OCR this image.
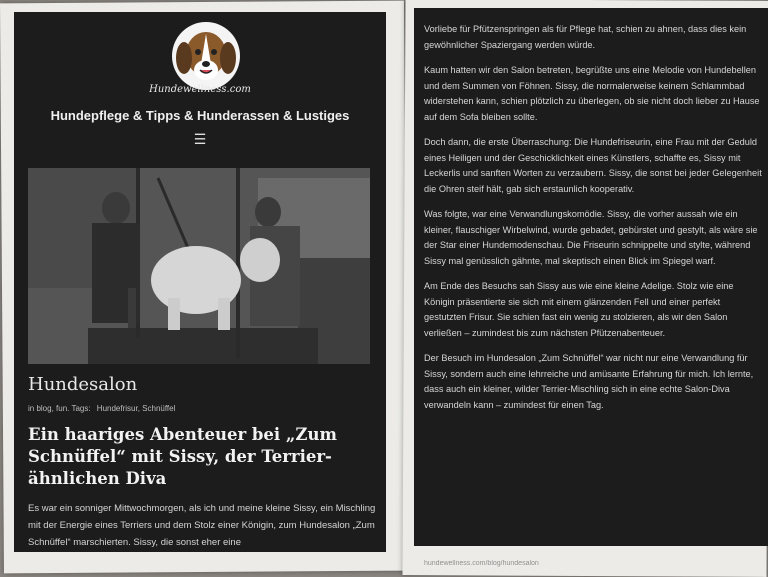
Hundewellness.com
Hundepflege & Tipps & Hunderassen & Lustiges
☰
Hundesalon
in blog, fun. Tags: Hundefrisur, Schnüffel
Ein haariges Abenteuer bei „Zum Schnüffel“ mit Sissy, der Terrier-ähnlichen Diva
Es war ein sonniger Mittwochmorgen, als ich und meine kleine Sissy, ein Mischling mit der Energie eines Terriers und dem Stolz einer Königin, zum Hundesalon „Zum Schnüffel“ marschierten. Sissy, die sonst eher eine

Vorliebe für Pfützenspringen als für Pflege hat, schien zu ahnen, dass dies kein gewöhnlicher Spaziergang werden würde.

Kaum hatten wir den Salon betreten, begrüßte uns eine Melodie von Hundebellen und dem Summen von Föhnen. Sissy, die normalerweise keinem Schlammbad widerstehen kann, schien plötzlich zu überlegen, ob sie nicht doch lieber zu Hause auf dem Sofa bleiben sollte.

Doch dann, die erste Überraschung: Die Hundefriseurin, eine Frau mit der Geduld eines Heiligen und der Geschicklichkeit eines Künstlers, schaffte es, Sissy mit Leckerlis und sanften Worten zu verzaubern. Sissy, die sonst bei jeder Gelegenheit die Ohren steif hält, gab sich erstaunlich kooperativ.

Was folgte, war eine Verwandlungskomödie. Sissy, die vorher aussah wie ein kleiner, flauschiger Wirbelwind, wurde gebadet, gebürstet und gestylt, als wäre sie der Star einer Hundemodenschau. Die Friseurin schnippelte und stylte, während Sissy mal genüsslich gähnte, mal skeptisch einen Blick im Spiegel warf.

Am Ende des Besuchs sah Sissy aus wie eine kleine Adelige. Stolz wie eine Königin präsentierte sie sich mit einem glänzenden Fell und einer perfekt gestutzten Frisur. Sie schien fast ein wenig zu stolzieren, als wir den Salon verließen – zumindest bis zum nächsten Pfützenabenteuer.

Der Besuch im Hundesalon „Zum Schnüffel“ war nicht nur eine Verwandlung für Sissy, sondern auch eine lehrreiche und amüsante Erfahrung für mich. Ich lernte, dass auch ein kleiner, wilder Terrier-Mischling sich in eine echte Salon-Diva verwandeln kann – zumindest für einen Tag.

hundewellness.com/blog/hundesalon
